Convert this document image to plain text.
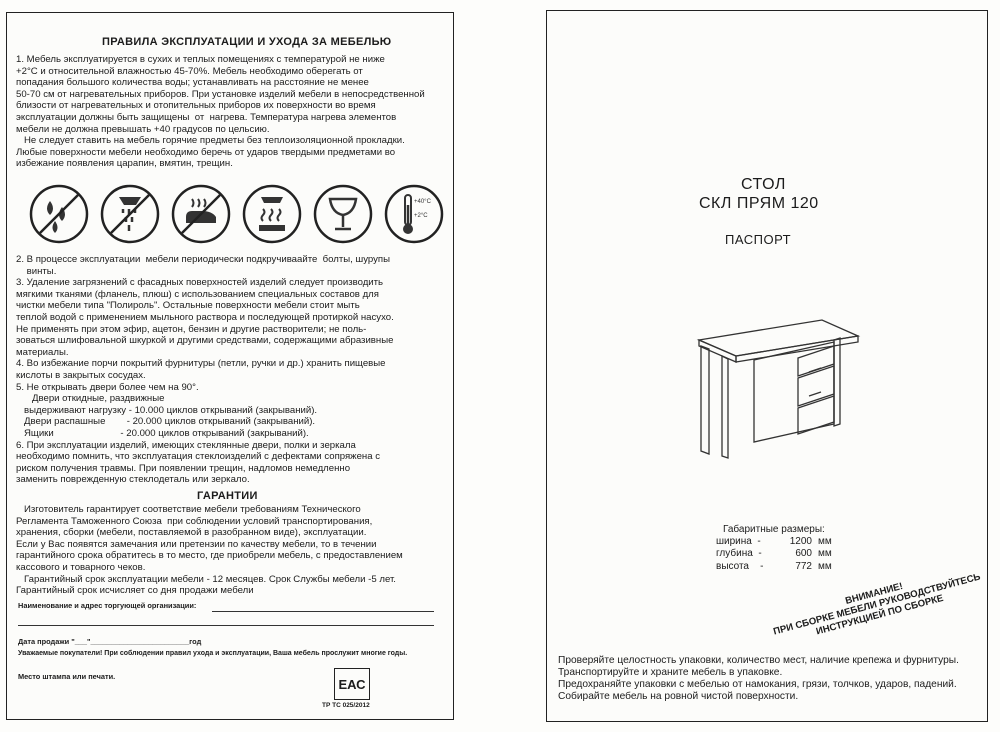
ПРАВИЛА ЭКСПЛУАТАЦИИ И УХОДА ЗА МЕБЕЛЬЮ
1. Мебель эксплуатируется в сухих и теплых помещениях с температурой не ниже
+2°С и относительной влажностью 45-70%. Мебель необходимо оберегать от
попадания большого количества воды; устанавливать на расстояние не менее
50-70 см от нагревательных приборов. При установке изделий мебели в непосредственной
близости от нагревательных и отопительных приборов их поверхности во время
эксплуатации должны быть защищены  от  нагрева. Температура нагрева элементов
мебели не должна превышать +40 градусов по цельсию.
Не следует ставить на мебель горячие предметы без теплоизоляционной прокладки.
Любые поверхности мебели необходимо беречь от ударов твердыми предметами во
избежание появления царапин, вмятин, трещин.
+40°C
+2°C
2. В процессе эксплуатации  мебели периодически подкручиваайте  болты, шурупы
винты.
3. Удаление загрязнений с фасадных поверхностей изделий следует производить
мягкими тканями (фланель, плюш) с использованием специальных составов для
чистки мебели типа "Полироль". Остальные поверхности мебели стоит мыть
теплой водой с применением мыльного раствора и последующей протиркой насухо.
Не применять при этом эфир, ацетон, бензин и другие растворители; не поль-
зоваться шлифовальной шкуркой и другими средствами, содержащими абразивные
материалы.
4. Во избежание порчи покрытий фурнитуры (петли, ручки и др.) хранить пищевые
кислоты в закрытых сосудах.
5. Не открывать двери более чем на 90°.
Двери откидные, раздвижные
выдерживают нагрузку - 10.000 циклов открываний (закрываний).
Двери распашные        - 20.000 циклов открываний (закрываний).
Ящики                         - 20.000 циклов открываний (закрываний).
6. При эксплуатации изделий, имеющих стеклянные двери, полки и зеркала
необходимо помнить, что эксплуатация стеклоизделий с дефектами сопряжена с
риском получения травмы. При появлении трещин, надломов немедленно
заменить поврежденную стеклодеталь или зеркало.
ГАРАНТИИ
Изготовитель гарантирует соответствие мебели требованиям Технического
Регламента Таможенного Союза  при соблюдении условий транспортирования,
хранения, сборки (мебели, поставляемой в разобранном виде), эксплуатации.
Если у Вас появятся замечания или претензии по качеству мебели, то в течении
гарантийного срока обратитесь в то место, где приобрели мебель, с предоставлением
кассового и товарного чеков.
Гарантийный срок эксплуатации мебели - 12 месяцев. Срок Службы мебели -5 лет.
Гарантийный срок исчисляет со дня продажи мебели
Наименование и адрес торгующей организации:
Дата продажи "___"________________________год
Уважаемые покупатели! При соблюдении правил ухода и эксплуатации, Ваша мебель прослужит многие годы.
Место штампа или печати.	ЕАС
ТР ТС 025/2012
СТОЛ
СКЛ ПРЯМ 120
ПАСПОРТ
Габаритные размеры:
ширина  -	1200 мм
глубина  -	600 мм
высота    -	772 мм
ВНИМАНИЕ!
ПРИ СБОРКЕ МЕБЕЛИ РУКОВОДСТВУЙТЕСЬ
ИНСТРУКЦИЕЙ ПО СБОРКЕ
Проверяйте целостность упаковки, количество мест, наличие крепежа и фурнитуры.
Транспортируйте и храните мебель в упаковке.
Предохраняйте упаковки с мебелью от намокания, грязи, толчков, ударов, падений.
Собирайте мебель на ровной чистой поверхности.
